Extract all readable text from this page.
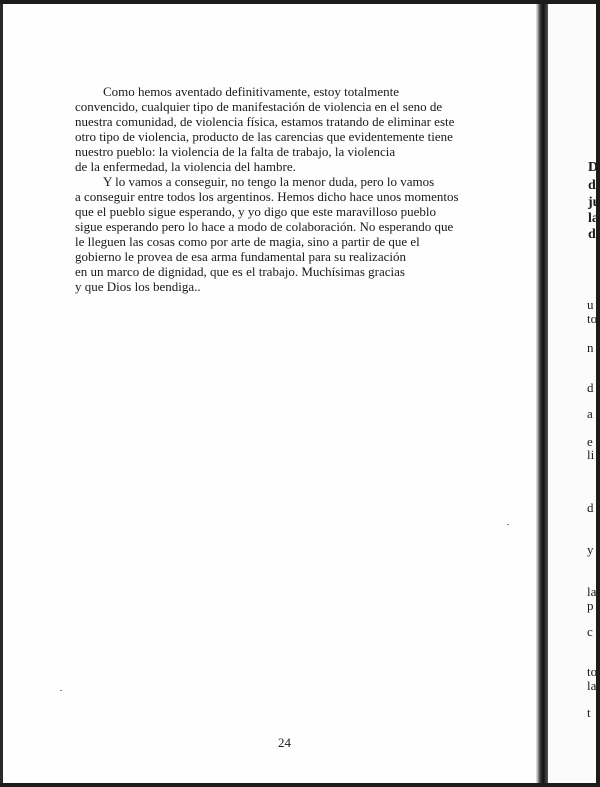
Como hemos aventado definitivamente, estoy totalmente
convencido, cualquier tipo de manifestación de violencia en el seno de
nuestra comunidad, de violencia física, estamos tratando de eliminar este
otro tipo de violencia, producto de las carencias que evidentemente tiene
nuestro pueblo: la violencia de la falta de trabajo, la violencia
de la enfermedad, la violencia del hambre.

Y lo vamos a conseguir, no tengo la menor duda, pero lo vamos
a conseguir entre todos los argentinos. Hemos dicho hace unos momentos
que el pueblo sigue esperando, y yo digo que este maravilloso pueblo
sigue esperando pero lo hace a modo de colaboración. No esperando que
le lleguen las cosas como por arte de magia, sino a partir de que el
gobierno le provea de esa arma fundamental para su realización
en un marco de dignidad, que es el trabajo. Muchísimas gracias
y que Dios los bendiga..

24
D
d
ju
la
d
u
to
n
d
a
e
li
d
y
la
p
c
to
la
t
